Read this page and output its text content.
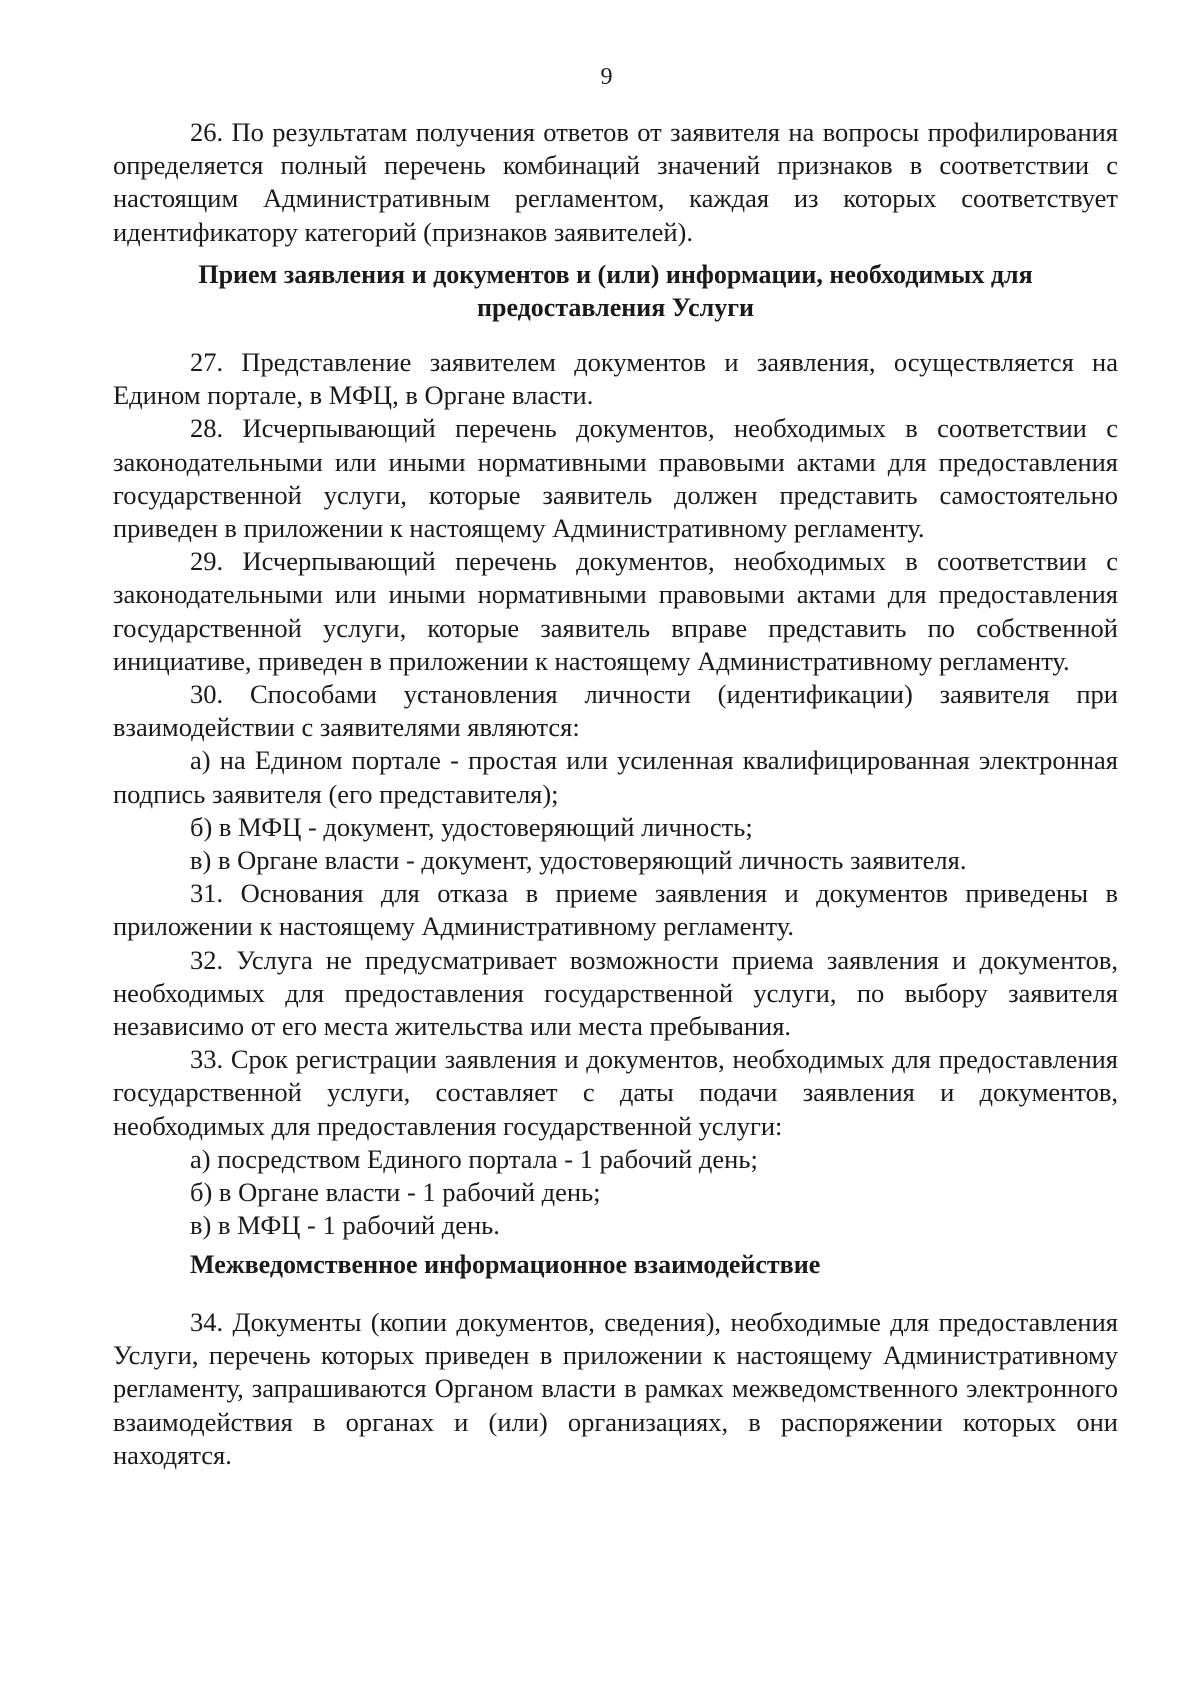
9

26. По результатам получения ответов от заявителя на вопросы профилирования определяется полный перечень комбинаций значений признаков в соответствии с настоящим Административным регламентом, каждая из которых соответствует идентификатору категорий (признаков заявителей).

Прием заявления и документов и (или) информации, необходимых для предоставления Услуги

27. Представление заявителем документов и заявления, осуществляется на Едином портале, в МФЦ, в Органе власти.

28. Исчерпывающий перечень документов, необходимых в соответствии с законодательными или иными нормативными правовыми актами для предоставления государственной услуги, которые заявитель должен представить самостоятельно приведен в приложении к настоящему Административному регламенту.

29. Исчерпывающий перечень документов, необходимых в соответствии с законодательными или иными нормативными правовыми актами для предоставления государственной услуги, которые заявитель вправе представить по собственной инициативе, приведен в приложении к настоящему Административному регламенту.

30. Способами установления личности (идентификации) заявителя при взаимодействии с заявителями являются:

а) на Едином портале - простая или усиленная квалифицированная электронная подпись заявителя (его представителя);

б) в МФЦ - документ, удостоверяющий личность;

в) в Органе власти - документ, удостоверяющий личность заявителя.

31. Основания для отказа в приеме заявления и документов приведены в приложении к настоящему Административному регламенту.

32. Услуга не предусматривает возможности приема заявления и документов, необходимых для предоставления государственной услуги, по выбору заявителя независимо от его места жительства или места пребывания.

33. Срок регистрации заявления и документов, необходимых для предоставления государственной услуги, составляет с даты подачи заявления и документов, необходимых для предоставления государственной услуги:

а) посредством Единого портала - 1 рабочий день;

б) в Органе власти - 1 рабочий день;

в) в МФЦ - 1 рабочий день.

Межведомственное информационное взаимодействие

34. Документы (копии документов, сведения), необходимые для предоставления Услуги, перечень которых приведен в приложении к настоящему Административному регламенту, запрашиваются Органом власти в рамках межведомственного электронного взаимодействия в органах и (или) организациях, в распоряжении которых они находятся.
